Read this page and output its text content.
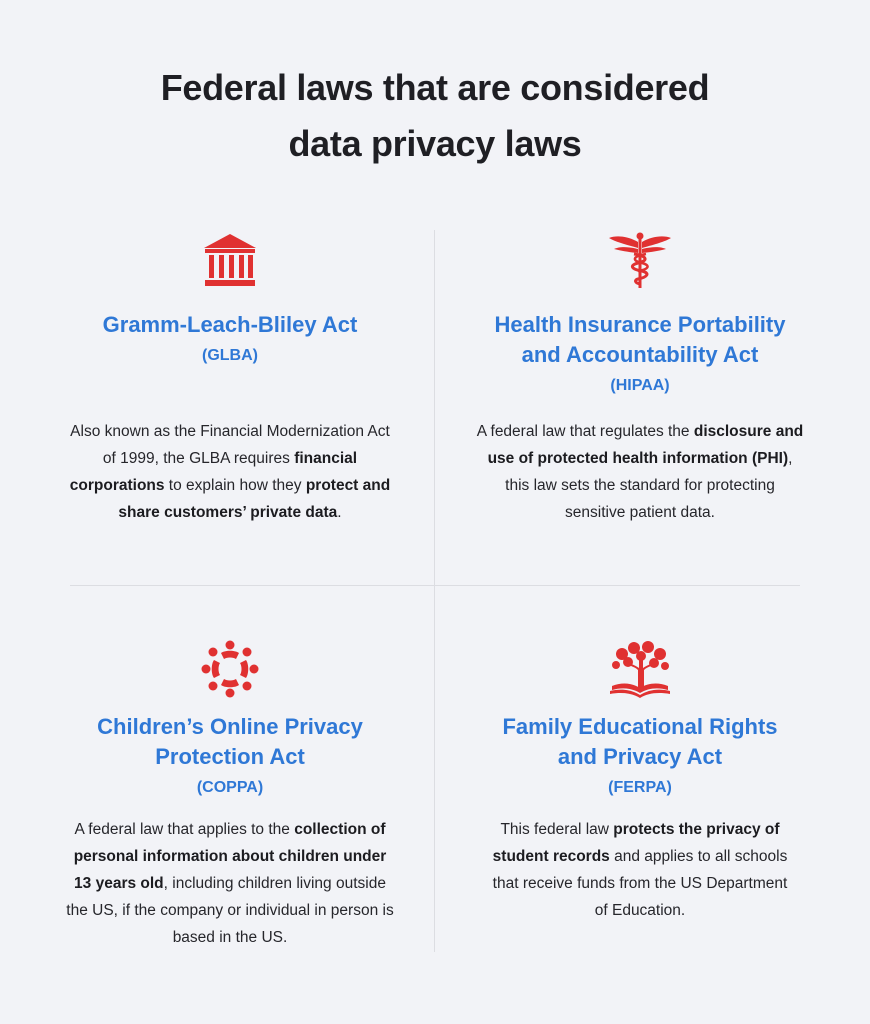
Federal laws that are considered
data privacy laws
Gramm-Leach-Bliley Act
(GLBA)
Also known as the Financial Modernization Act of 1999, the GLBA requires financial corporations to explain how they protect and share customers’ private data.
Health Insurance Portability
and Accountability Act
(HIPAA)
A federal law that regulates the disclosure and use of protected health information (PHI), this law sets the standard for protecting sensitive patient data.
Children’s Online Privacy
Protection Act
(COPPA)
A federal law that applies to the collection of personal information about children under 13 years old, including children living outside the US, if the company or individual in person is based in the US.
Family Educational Rights
and Privacy Act
(FERPA)
This federal law protects the privacy of student records and applies to all schools that receive funds from the US Department of Education.
